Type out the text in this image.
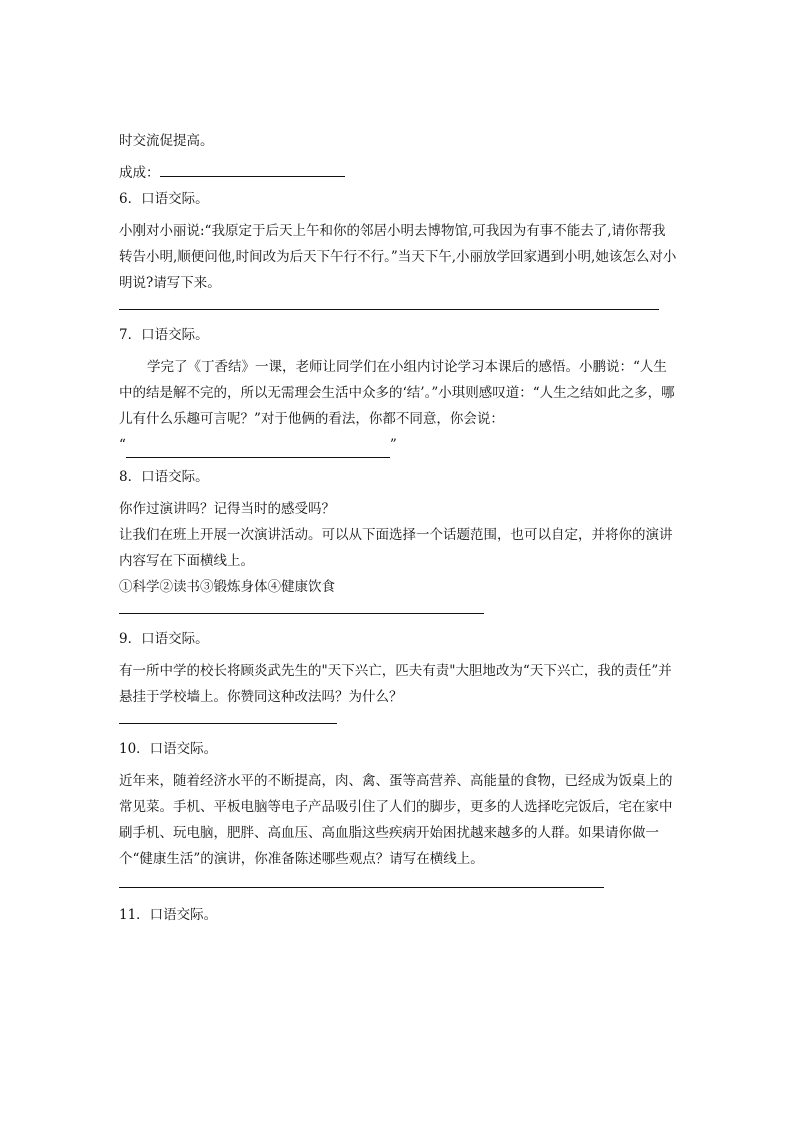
时交流促提高。

成成：

6．口语交际。

小刚对小丽说:“我原定于后天上午和你的邻居小明去博物馆,可我因为有事不能去了,请你帮我转告小明,顺便问他,时间改为后天下午行不行。”当天下午,小丽放学回家遇到小明,她该怎么对小明说?请写下来。

7．口语交际。

学完了《丁香结》一课，老师让同学们在小组内讨论学习本课后的感悟。小鹏说：“人生中的结是解不完的，所以无需理会生活中众多的‘结’。”小琪则感叹道：“人生之结如此之多，哪儿有什么乐趣可言呢？”对于他俩的看法，你都不同意，你会说：

“	”

8．口语交际。

你作过演讲吗？记得当时的感受吗？

让我们在班上开展一次演讲活动。可以从下面选择一个话题范围，也可以自定，并将你的演讲内容写在下面横线上。

①科学②读书③锻炼身体④健康饮食

9．口语交际。

有一所中学的校长将顾炎武先生的"天下兴亡，匹夫有责"大胆地改为“天下兴亡，我的责任”并悬挂于学校墙上。你赞同这种改法吗？为什么？

10．口语交际。

近年来，随着经济水平的不断提高，肉、禽、蛋等高营养、高能量的食物，已经成为饭桌上的常见菜。手机、平板电脑等电子产品吸引住了人们的脚步，更多的人选择吃完饭后，宅在家中刷手机、玩电脑，肥胖、高血压、高血脂这些疾病开始困扰越来越多的人群。如果请你做一个“健康生活”的演讲，你准备陈述哪些观点？请写在横线上。

11．口语交际。
